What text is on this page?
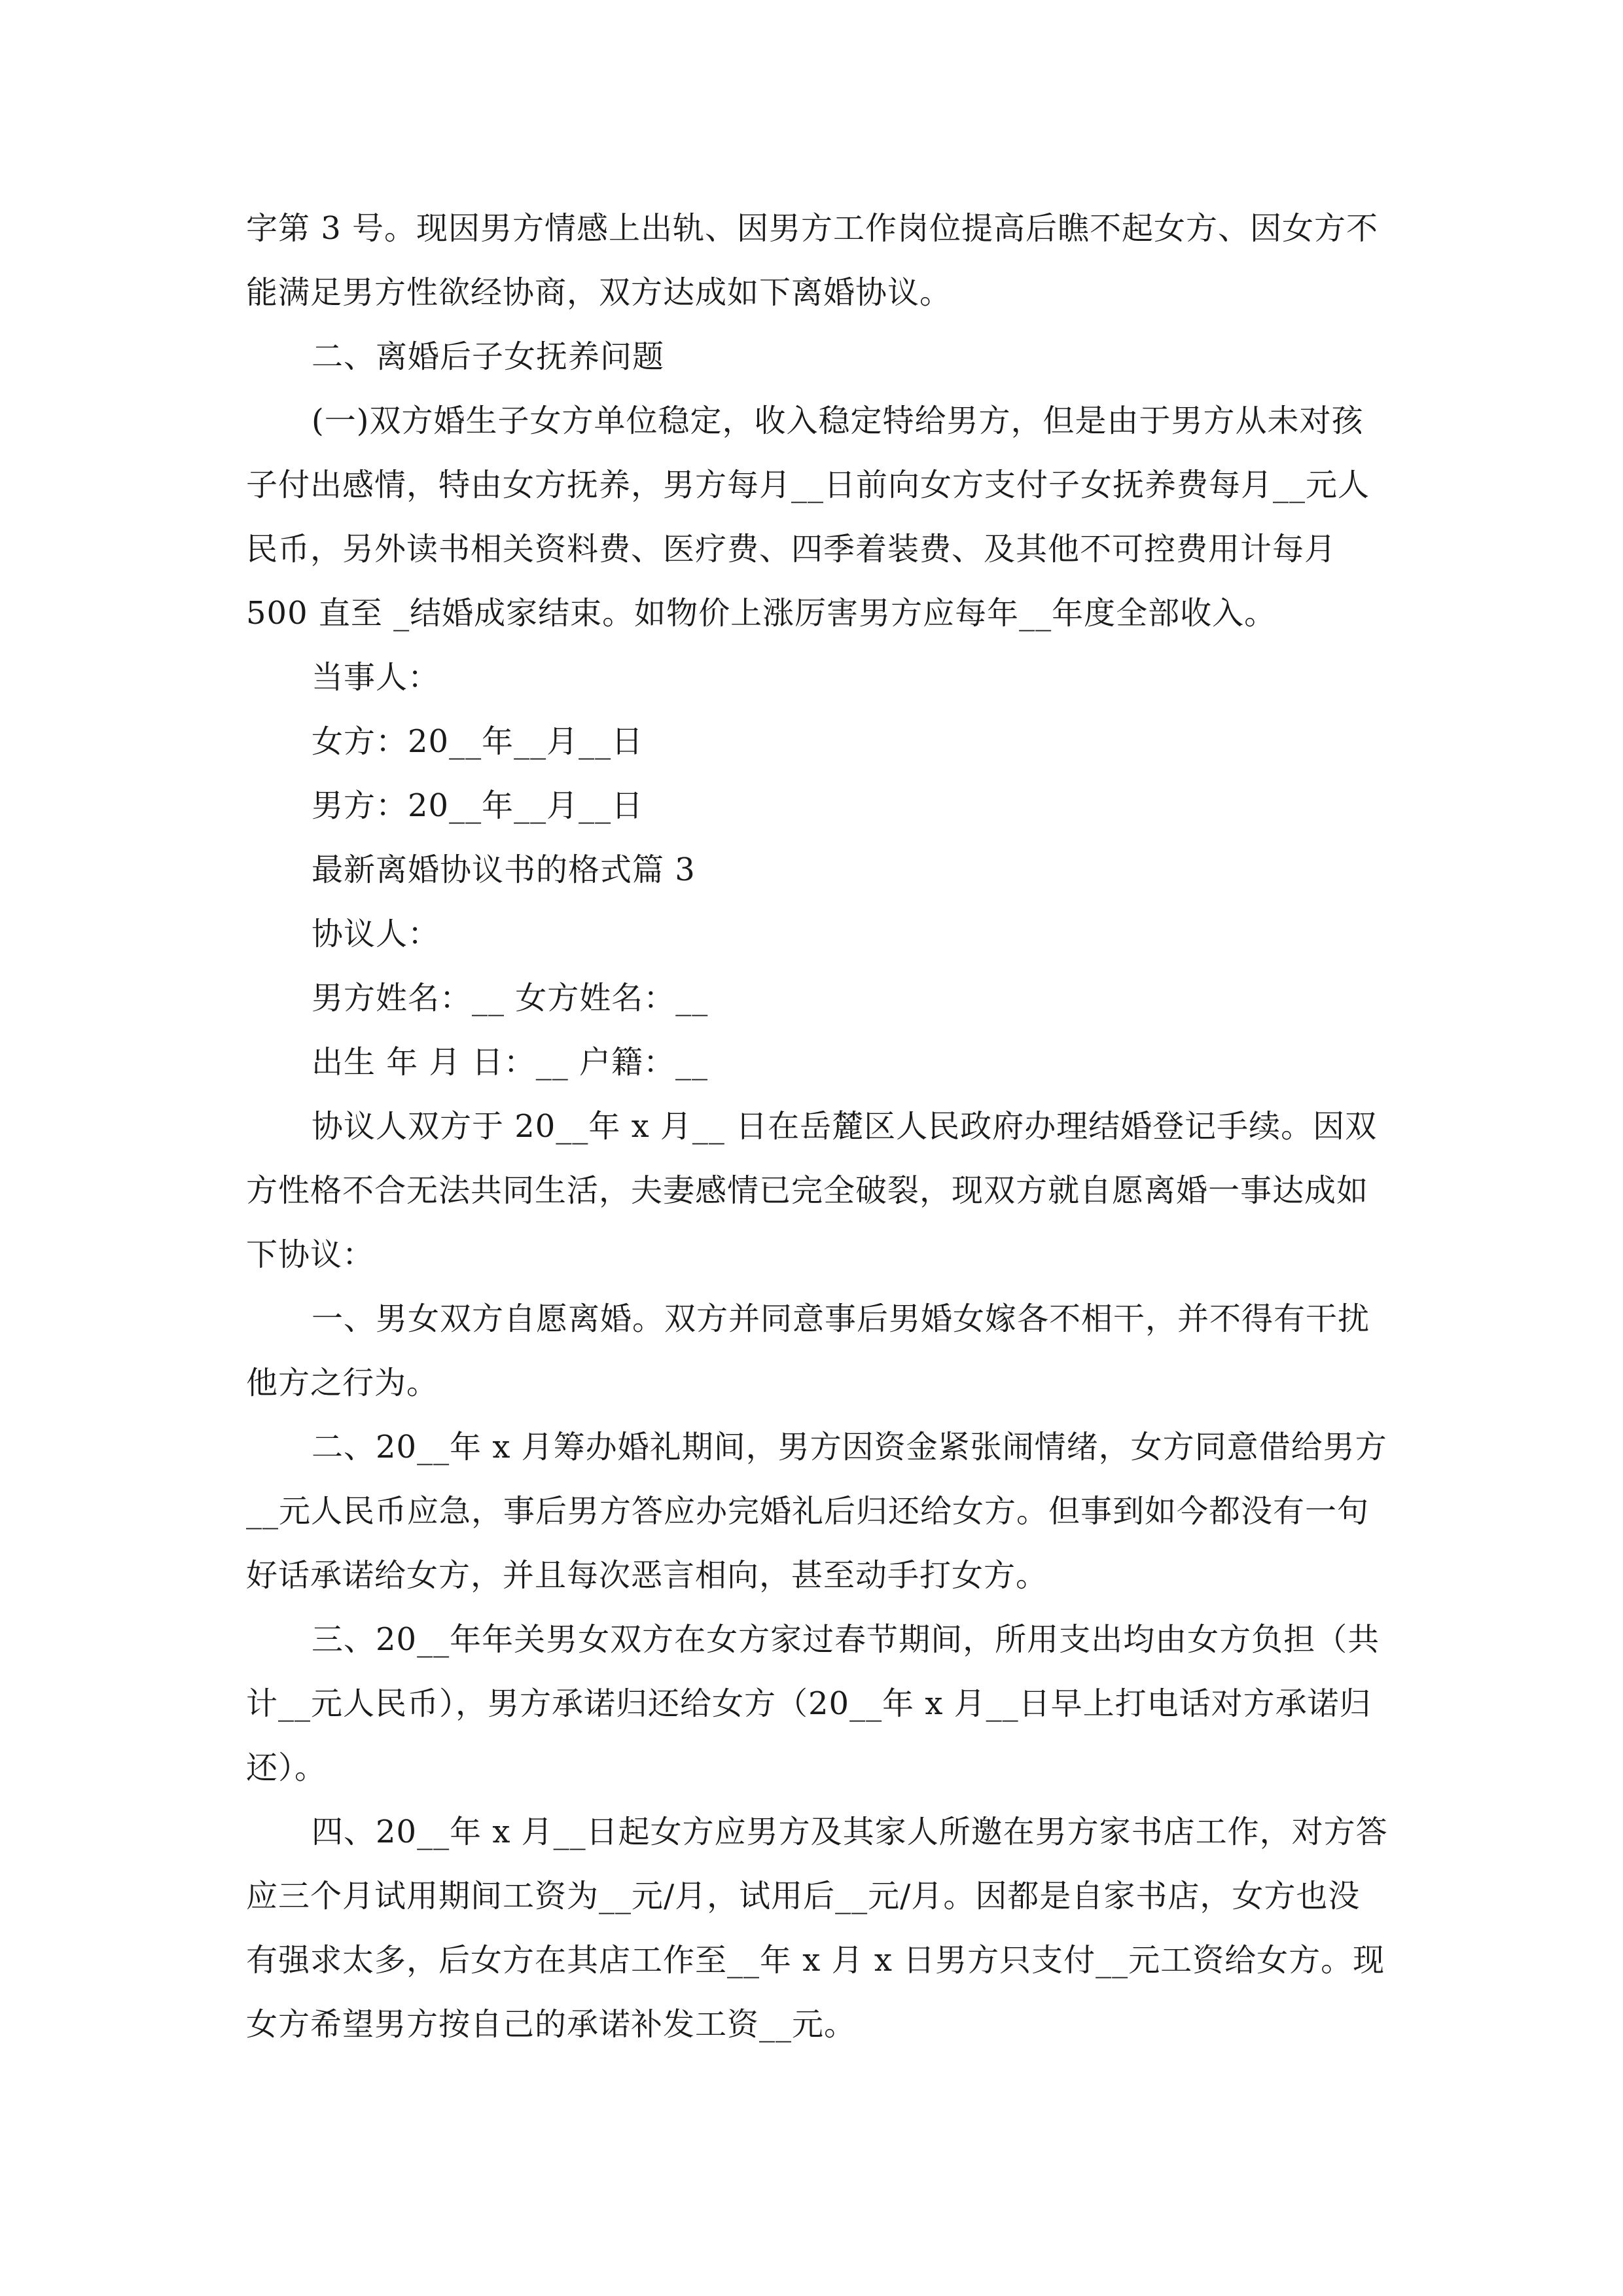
字第 3 号。现因男方情感上出轨、因男方工作岗位提高后瞧不起女方、因女方不
能满足男方性欲经协商，双方达成如下离婚协议。
二、离婚后子女抚养问题
(一)双方婚生子女方单位稳定，收入稳定特给男方，但是由于男方从未对孩
子付出感情，特由女方抚养，男方每月__日前向女方支付子女抚养费每月__元人
民币，另外读书相关资料费、医疗费、四季着装费、及其他不可控费用计每月
500 直至 _结婚成家结束。如物价上涨厉害男方应每年__年度全部收入。
当事人：
女方：20__年__月__日
男方：20__年__月__日
最新离婚协议书的格式篇 3
协议人：
男方姓名：__ 女方姓名：__
出生 年 月 日：__ 户籍：__
协议人双方于 20__年 x 月__ 日在岳麓区人民政府办理结婚登记手续。因双
方性格不合无法共同生活，夫妻感情已完全破裂，现双方就自愿离婚一事达成如
下协议：
一、男女双方自愿离婚。双方并同意事后男婚女嫁各不相干，并不得有干扰
他方之行为。
二、20__年 x 月筹办婚礼期间，男方因资金紧张闹情绪，女方同意借给男方
__元人民币应急，事后男方答应办完婚礼后归还给女方。但事到如今都没有一句
好话承诺给女方，并且每次恶言相向，甚至动手打女方。
三、20__年年关男女双方在女方家过春节期间，所用支出均由女方负担（共
计__元人民币），男方承诺归还给女方（20__年 x 月__日早上打电话对方承诺归
还）。
四、20__年 x 月__日起女方应男方及其家人所邀在男方家书店工作，对方答
应三个月试用期间工资为__元/月，试用后__元/月。因都是自家书店，女方也没
有强求太多，后女方在其店工作至__年 x 月 x 日男方只支付__元工资给女方。现
女方希望男方按自己的承诺补发工资__元。
